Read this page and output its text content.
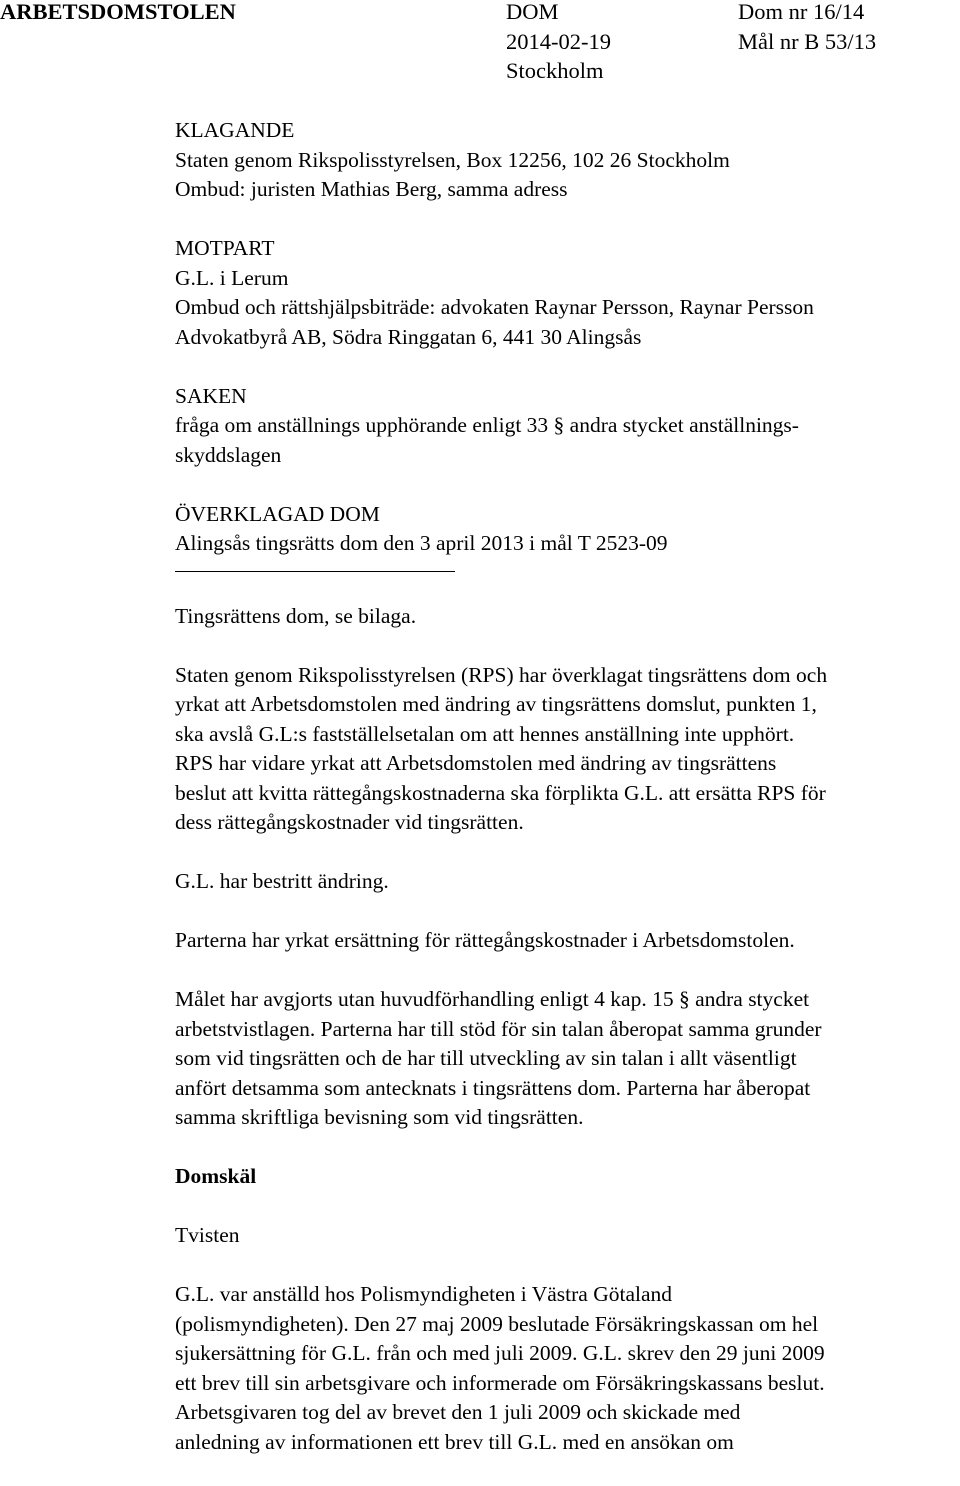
ARBETSDOMSTOLEN	DOM	Dom nr 16/14
2014-02-19	Mål nr B 53/13
Stockholm
KLAGANDE
Staten genom Rikspolisstyrelsen, Box 12256, 102 26 Stockholm
Ombud: juristen Mathias Berg, samma adress
MOTPART
G.L. i Lerum
Ombud och rättshjälpsbiträde: advokaten Raynar Persson, Raynar Persson
Advokatbyrå AB, Södra Ringgatan 6, 441 30 Alingsås
SAKEN
fråga om anställnings upphörande enligt 33 § andra stycket anställnings-
skyddslagen
ÖVERKLAGAD DOM
Alingsås tingsrätts dom den 3 april 2013 i mål T 2523-09
Tingsrättens dom, se bilaga.
Staten genom Rikspolisstyrelsen (RPS) har överklagat tingsrättens dom och
yrkat att Arbetsdomstolen med ändring av tingsrättens domslut, punkten 1,
ska avslå G.L:s fastställelsetalan om att hennes anställning inte upphört.
RPS har vidare yrkat att Arbetsdomstolen med ändring av tingsrättens
beslut att kvitta rättegångskostnaderna ska förplikta G.L. att ersätta RPS för
dess rättegångskostnader vid tingsrätten.
G.L. har bestritt ändring.
Parterna har yrkat ersättning för rättegångskostnader i Arbetsdomstolen.
Målet har avgjorts utan huvudförhandling enligt 4 kap. 15 § andra stycket
arbetstvistlagen. Parterna har till stöd för sin talan åberopat samma grunder
som vid tingsrätten och de har till utveckling av sin talan i allt väsentligt
anfört detsamma som antecknats i tingsrättens dom. Parterna har åberopat
samma skriftliga bevisning som vid tingsrätten.
Domskäl
Tvisten
G.L. var anställd hos Polismyndigheten i Västra Götaland
(polismyndigheten). Den 27 maj 2009 beslutade Försäkringskassan om hel
sjukersättning för G.L. från och med juli 2009. G.L. skrev den 29 juni 2009
ett brev till sin arbetsgivare och informerade om Försäkringskassans beslut.
Arbetsgivaren tog del av brevet den 1 juli 2009 och skickade med
anledning av informationen ett brev till G.L. med en ansökan om
